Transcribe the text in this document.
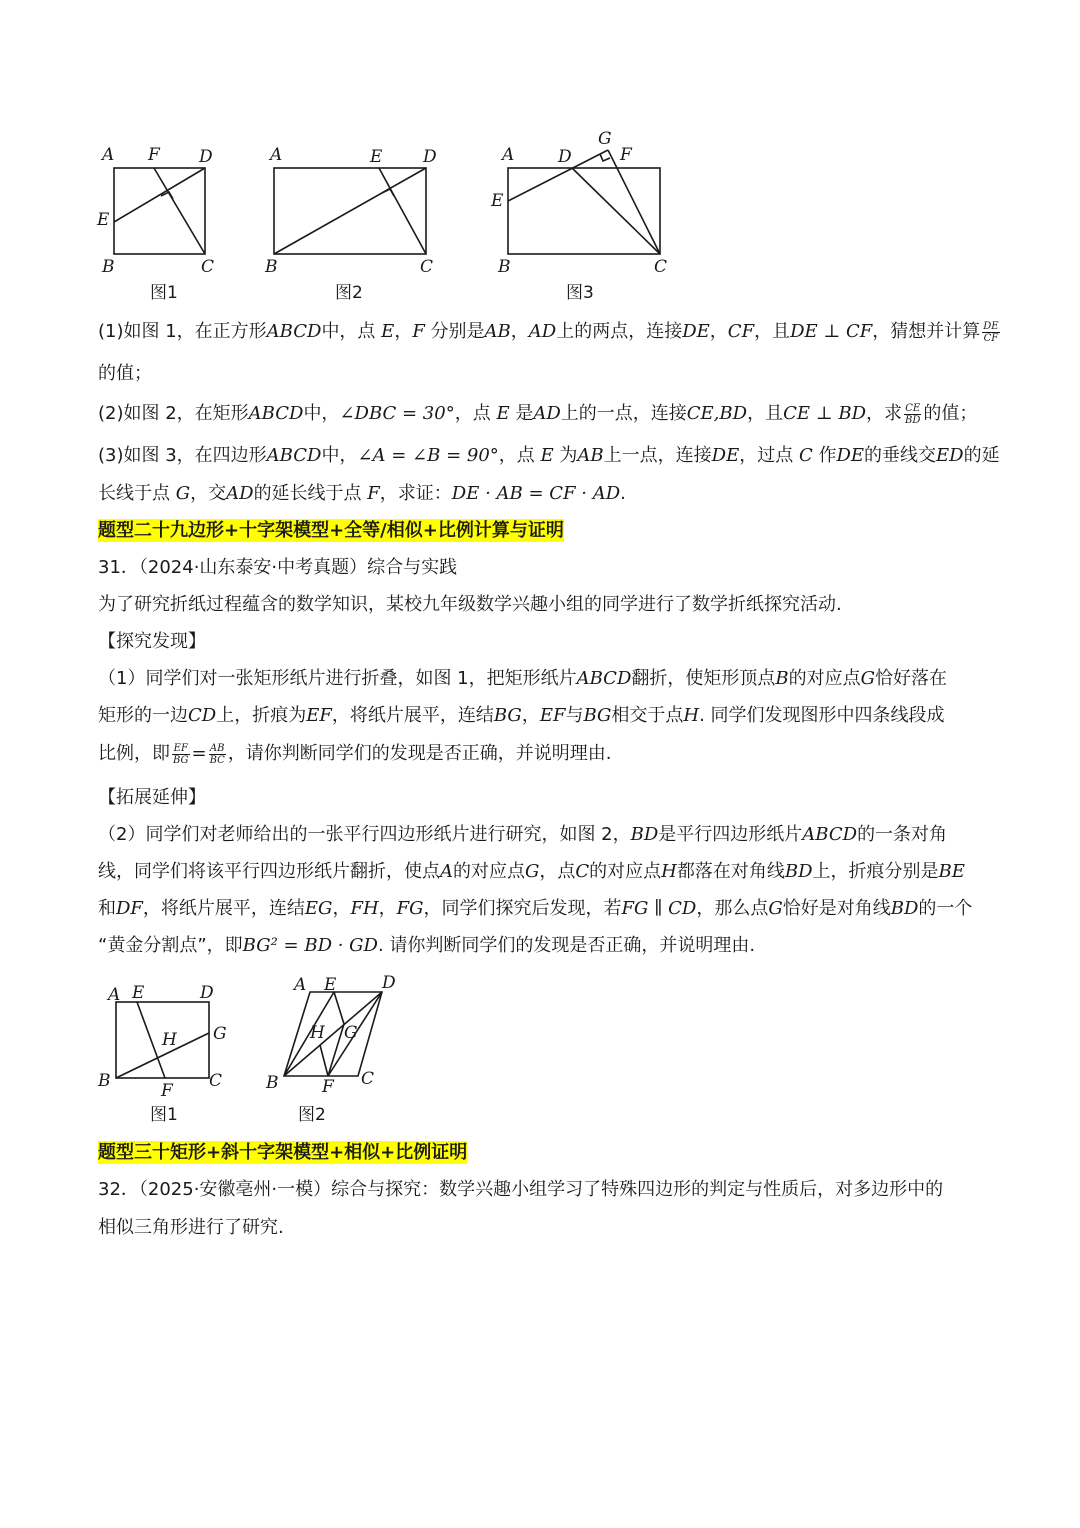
A F D
E
B	C
图1
A	E D
B	C
图2
G
A	D	F
E
B	C
图3
(1)如图 1，在正方形ABCD中，点 E，F 分别是AB，AD上的两点，连接DE，CF，且DE ⊥ CF，猜想并计算 $\frac{DE}{CF}$
的值；
(2)如图 2，在矩形ABCD中，∠DBC = 30°，点 E 是AD上的一点，连接CE,BD，且CE ⊥ BD，求 $\frac{CE}{BD}$ 的值；
(3)如图 3，在四边形ABCD中，∠A = ∠B = 90°，点 E 为AB上一点，连接DE，过点 C 作DE的垂线交ED的延
长线于点 G，交AD的延长线于点 F，求证：DE · AB = CF · AD.
题型二十九边形+十字架模型+全等/相似+比例计算与证明
31．（2024·山东泰安·中考真题）综合与实践
为了研究折纸过程蕴含的数学知识，某校九年级数学兴趣小组的同学进行了数学折纸探究活动.
【探究发现】
（1）同学们对一张矩形纸片进行折叠，如图 1，把矩形纸片ABCD翻折，使矩形顶点B的对应点G恰好落在
矩形的一边CD上，折痕为EF，将纸片展平，连结BG，EF与BG相交于点H. 同学们发现图形中四条线段成
比例，即 $\frac{EF}{BG} = \frac{AB}{BC}$ ，请你判断同学们的发现是否正确，并说明理由.
【拓展延伸】
（2）同学们对老师给出的一张平行四边形纸片进行研究，如图 2，BD是平行四边形纸片ABCD的一条对角
线，同学们将该平行四边形纸片翻折，使点A的对应点G，点C的对应点H都落在对角线BD上，折痕分别是BE
和DF，将纸片展平，连结EG，FH，FG，同学们探究后发现，若FG ∥ CD，那么点G恰好是对角线BD的一个
“黄金分割点”，即BG² = BD · GD. 请你判断同学们的发现是否正确，并说明理由.
A E	D
H G
B	F C
图1
A E	D
H G
B	F C
图2
题型三十矩形+斜十字架模型+相似+比例证明
32．（2025·安徽亳州·一模）综合与探究：数学兴趣小组学习了特殊四边形的判定与性质后，对多边形中的
相似三角形进行了研究.
